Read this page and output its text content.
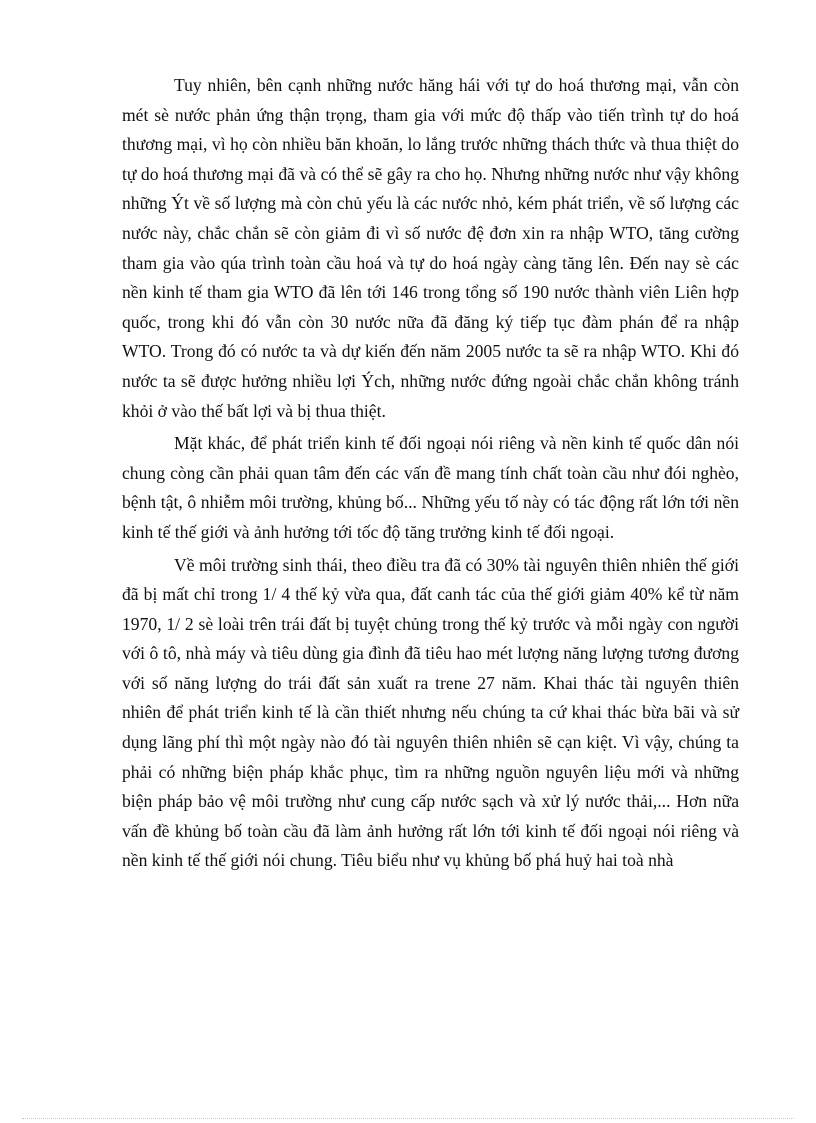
Tuy nhiên, bên cạnh những nước hăng hái với tự do hoá thương mại, vẫn còn mét sè nước phản ứng thận trọng, tham gia với mức độ thấp vào tiến trình tự do hoá thương mại, vì họ còn nhiều băn khoăn, lo lắng trước những thách thức và thua thiệt do tự do hoá thương mại đã và có thể sẽ gây ra cho họ. Nhưng những nước như vậy không những Ýt về số lượng mà còn chủ yếu là các nước nhỏ, kém phát triển, về số lượng các nước này, chắc chắn sẽ còn giảm đi vì số nước đệ đơn xin ra nhập WTO, tăng cường tham gia vào qúa trình toàn cầu hoá và tự do hoá ngày càng tăng lên. Đến nay sè các nền kinh tế tham gia WTO đã lên tới 146 trong tổng số 190 nước thành viên Liên hợp quốc, trong khi đó vẫn còn 30 nước nữa đã đăng ký tiếp tục đàm phán để ra nhập WTO. Trong đó có nước ta và dự kiến đến năm 2005 nước ta sẽ ra nhập WTO. Khi đó nước ta sẽ được hưởng nhiều lợi Ých, những nước đứng ngoài chắc chắn không tránh khỏi ở vào thế bất lợi và bị thua thiệt.

Mặt khác, để phát triển kinh tế đối ngoại nói riêng và nền kinh tế quốc dân nói chung còng cần phải quan tâm đến các vấn đề mang tính chất toàn cầu như đói nghèo, bệnh tật, ô nhiễm môi trường, khủng bố... Những yếu tố này có tác động rất lớn tới nền kinh tế thế giới và ảnh hưởng tới tốc độ tăng trưởng kinh tế đối ngoại.

Về môi trường sinh thái, theo điều tra đã có 30% tài nguyên thiên nhiên thế giới đã bị mất chỉ trong 1/ 4 thế kỷ vừa qua, đất canh tác của thế giới giảm 40% kể từ năm 1970, 1/ 2 sè loài trên trái đất bị tuyệt chủng trong thế kỷ trước và mỗi ngày con người với ô tô, nhà máy và tiêu dùng gia đình đã tiêu hao mét lượng năng lượng tương đương với số năng lượng do trái đất sản xuất ra trene 27 năm. Khai thác tài nguyên thiên nhiên để phát triển kinh tế là cần thiết nhưng nếu chúng ta cứ khai thác bừa bãi và sử dụng lãng phí thì một ngày nào đó tài nguyên thiên nhiên sẽ cạn kiệt. Vì vậy, chúng ta phải có những biện pháp khắc phục, tìm ra những nguồn nguyên liệu mới và những biện pháp bảo vệ môi trường như cung cấp nước sạch và xử lý nước thải,... Hơn nữa vấn đề khủng bố toàn cầu đã làm ảnh hưởng rất lớn tới kinh tế đối ngoại nói riêng và nền kinh tế thế giới nói chung. Tiêu biểu như vụ khủng bố phá huỷ hai toà nhà
